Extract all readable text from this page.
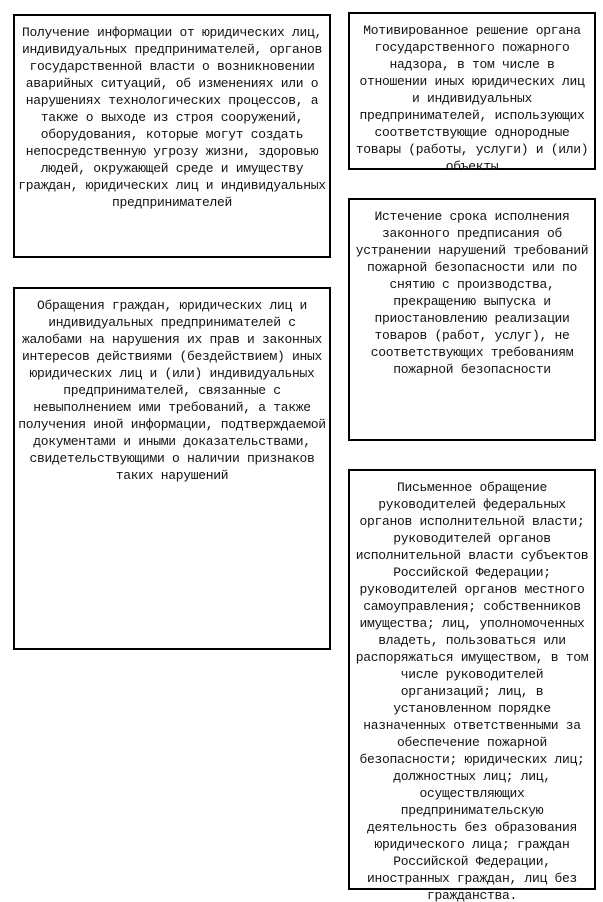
Получение информации от юридических лиц, индивидуальных предпринимателей, органов государственной власти о возникновении аварийных ситуаций, об изменениях или о нарушениях технологических процессов, а также о выходе из строя сооружений, оборудования, которые могут создать непосредственную угрозу жизни, здоровью людей, окружающей среде и имуществу граждан, юридических лиц и индивидуальных предпринимателей
Мотивированное решение органа государственного пожарного надзора, в том числе в отношении иных юридических лиц и индивидуальных предпринимателей, использующих соответствующие однородные товары (работы, услуги) и (или) объекты
Истечение срока исполнения законного предписания об устранении нарушений требований пожарной безопасности или по снятию с производства, прекращению выпуска и приостановлению реализации товаров (работ, услуг), не соответствующих требованиям пожарной безопасности
Обращения граждан, юридических лиц и индивидуальных предпринимателей с жалобами на нарушения их прав и законных интересов действиями (бездействием) иных юридических лиц и (или) индивидуальных предпринимателей, связанные с невыполнением ими требований, а также получения иной информации, подтверждаемой документами и иными доказательствами, свидетельствующими о наличии признаков таких нарушений
Письменное обращение руководителей федеральных органов исполнительной власти; руководителей органов исполнительной власти субъектов Российской Федерации; руководителей органов местного самоуправления; собственников имущества; лиц, уполномоченных владеть, пользоваться или распоряжаться имуществом, в том числе руководителей организаций; лиц, в установленном порядке назначенных ответственными за обеспечение пожарной безопасности; юридических лиц; должностных лиц; лиц, осуществляющих предпринимательскую деятельность без образования юридического лица; граждан Российской Федерации, иностранных граждан, лиц без гражданства.
